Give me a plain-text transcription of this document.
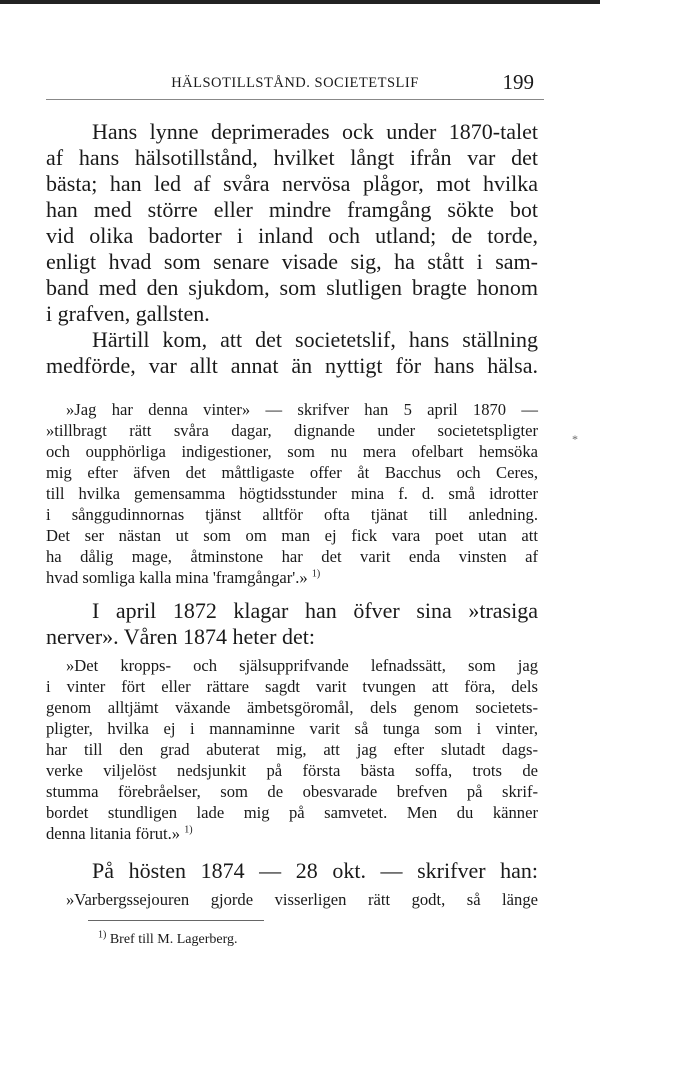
HÄLSOTILLSTÅND. SOCIETETSLIF	199

Hans lynne deprimerades ock under 1870-talet

af hans hälsotillstånd, hvilket långt ifrån var det

bästa; han led af svåra nervösa plågor, mot hvilka

han med större eller mindre framgång sökte bot

vid olika badorter i inland och utland; de torde,

enligt hvad som senare visade sig, ha stått i sam-

band med den sjukdom, som slutligen bragte honom

i grafven, gallsten.

Härtill kom, att det societetslif, hans ställning

medförde, var allt annat än nyttigt för hans hälsa.

»Jag har denna vinter» — skrifver han 5 april 1870 —

»tillbragt rätt svåra dagar, dignande under societetspligter

och oupphörliga indigestioner, som nu mera ofelbart hemsöka

mig efter äfven det måttligaste offer åt Bacchus och Ceres,

till hvilka gemensamma högtidsstunder mina f. d. små idrotter

i sånggudinnornas tjänst alltför ofta tjänat till anledning.

Det ser nästan ut som om man ej fick vara poet utan att

ha dålig mage, åtminstone har det varit enda vinsten af

hvad somliga kalla mina 'framgångar'.» $^{1)}$

I april 1872 klagar han öfver sina »trasiga

nerver». Våren 1874 heter det:

»Det kropps- och själsupprifvande lefnadssätt, som jag

i vinter fört eller rättare sagdt varit tvungen att föra, dels

genom alltjämt växande ämbetsgöromål, dels genom societets-

pligter, hvilka ej i mannaminne varit så tunga som i vinter,

har till den grad abuterat mig, att jag efter slutadt dags-

verke viljelöst nedsjunkit på första bästa soffa, trots de

stumma förebråelser, som de obesvarade brefven på skrif-

bordet stundligen lade mig på samvetet. Men du känner

denna litania förut.» $^{1)}$

På hösten 1874 — 28 okt. — skrifver han:

»Varbergssejouren gjorde visserligen rätt godt, så länge

$^{1)}$ Bref till M. Lagerberg.
*
